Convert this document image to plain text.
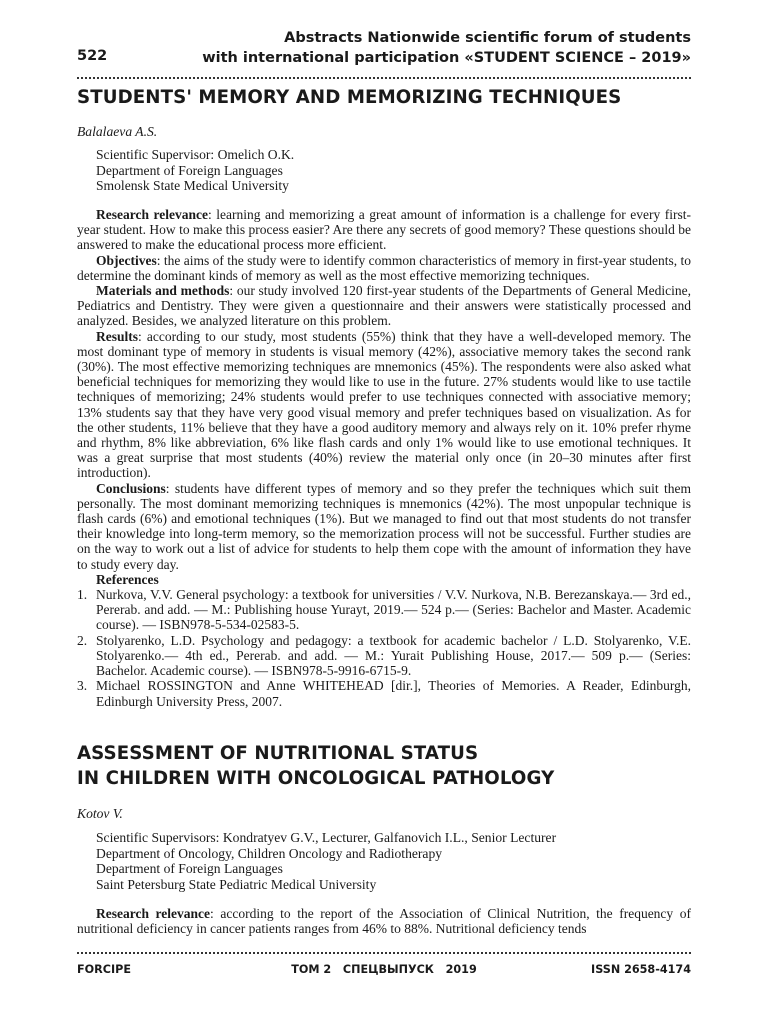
522
Abstracts Nationwide scientific forum of students
with international participation «STUDENT SCIENCE – 2019»
STUDENTS' MEMORY AND MEMORIZING TECHNIQUES
Balalaeva A.S.
Scientific Supervisor: Omelich O.K.
Department of Foreign Languages
Smolensk State Medical University

Research relevance: learning and memorizing a great amount of information is a challenge for every first-year student. How to make this process easier? Are there any secrets of good memory? These questions should be answered to make the educational process more efficient.

Objectives: the aims of the study were to identify common characteristics of memory in first-year students, to determine the dominant kinds of memory as well as the most effective memorizing techniques.

Materials and methods: our study involved 120 first-year students of the Departments of General Medicine, Pediatrics and Dentistry. They were given a questionnaire and their answers were statistically processed and analyzed. Besides, we analyzed literature on this problem.

Results: according to our study, most students (55%) think that they have a well-developed memory. The most dominant type of memory in students is visual memory (42%), associative memory takes the second rank (30%). The most effective memorizing techniques are mnemonics (45%). The respondents were also asked what beneficial techniques for memorizing they would like to use in the future. 27% students would like to use tactile techniques of memorizing; 24% students would prefer to use techniques connected with associative memory; 13% students say that they have very good visual memory and prefer techniques based on visualization. As for the other students, 11% believe that they have a good auditory memory and always rely on it. 10% prefer rhyme and rhythm, 8% like abbreviation, 6% like flash cards and only 1% would like to use emotional techniques. It was a great surprise that most students (40%) review the material only once (in 20–30 minutes after first introduction).

Conclusions: students have different types of memory and so they prefer the techniques which suit them personally. The most dominant memorizing techniques is mnemonics (42%). The most unpopular technique is flash cards (6%) and emotional techniques (1%). But we managed to find out that most students do not transfer their knowledge into long-term memory, so the memorization process will not be successful. Further studies are on the way to work out a list of advice for students to help them cope with the amount of information they have to study every day.

References
1. Nurkova, V.V. General psychology: a textbook for universities / V.V. Nurkova, N.B. Berezanskaya.— 3rd ed., Pererab. and add. — M.: Publishing house Yurayt, 2019.— 524 p.— (Series: Bachelor and Master. Academic course). — ISBN978-5-534-02583-5.
2. Stolyarenko, L.D. Psychology and pedagogy: a textbook for academic bachelor / L.D. Stolyarenko, V.E. Stolyarenko.— 4th ed., Pererab. and add. — M.: Yurait Publishing House, 2017.— 509 p.— (Series: Bachelor. Academic course). — ISBN978-5-9916-6715-9.
3. Michael ROSSINGTON and Anne WHITEHEAD [dir.], Theories of Memories. A Reader, Edinburgh, Edinburgh University Press, 2007.
ASSESSMENT OF NUTRITIONAL STATUS
IN CHILDREN WITH ONCOLOGICAL PATHOLOGY
Kotov V.
Scientific Supervisors: Kondratyev G.V., Lecturer, Galfanovich I.L., Senior Lecturer
Department of Oncology, Children Oncology and Radiotherapy
Department of Foreign Languages
Saint Petersburg State Pediatric Medical University

Research relevance: according to the report of the Association of Clinical Nutrition, the frequency of nutritional deficiency in cancer patients ranges from 46% to 88%. Nutritional deficiency tends

FORCIPE	ТОМ 2   СПЕЦВЫПУСК   2019	ISSN 2658-4174
